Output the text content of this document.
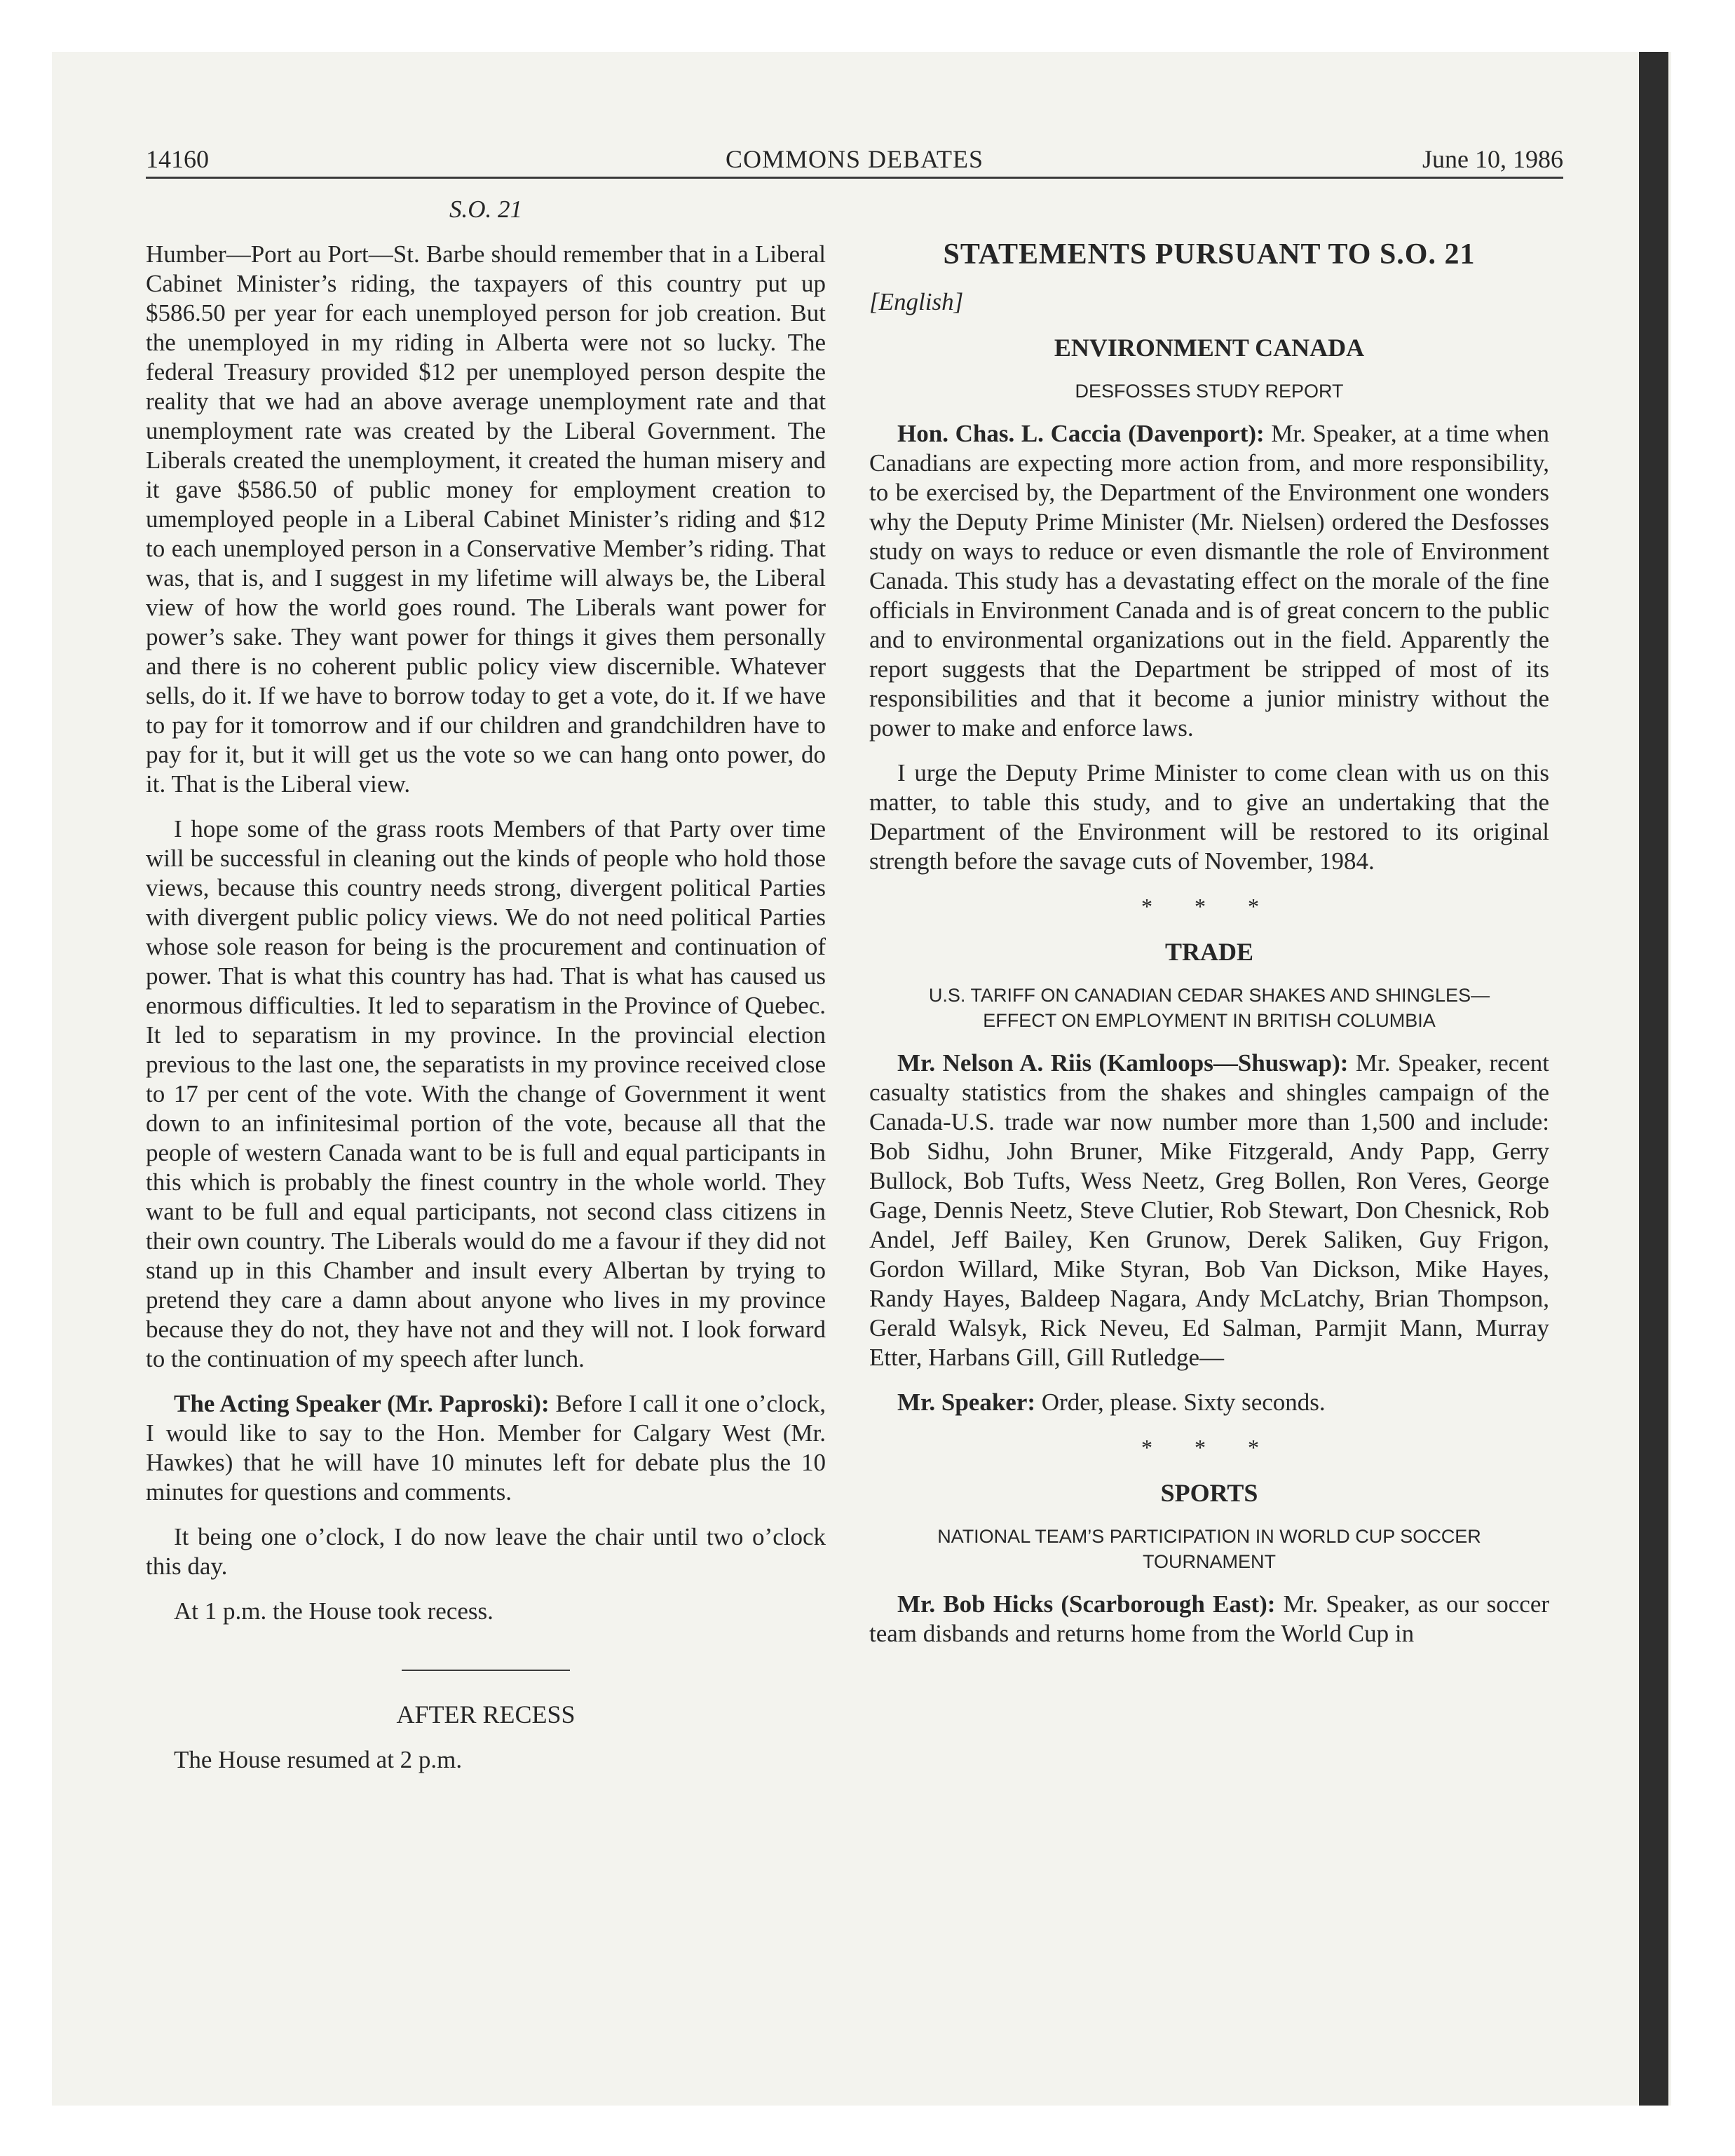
14160	COMMONS DEBATES	June 10, 1986

S.O. 21

Humber—Port au Port—St. Barbe should remember that in a Liberal Cabinet Minister’s riding, the taxpayers of this country put up $586.50 per year for each unemployed person for job creation. But the unemployed in my riding in Alberta were not so lucky. The federal Treasury provided $12 per unemployed person despite the reality that we had an above average unemployment rate and that unemployment rate was created by the Liberal Government. The Liberals created the unemployment, it created the human misery and it gave $586.50 of public money for employment creation to umemployed people in a Liberal Cabinet Minister’s riding and $12 to each unemployed person in a Conservative Member’s riding. That was, that is, and I suggest in my lifetime will always be, the Liberal view of how the world goes round. The Liberals want power for power’s sake. They want power for things it gives them personally and there is no coherent public policy view discernible. Whatever sells, do it. If we have to borrow today to get a vote, do it. If we have to pay for it tomorrow and if our children and grandchildren have to pay for it, but it will get us the vote so we can hang onto power, do it. That is the Liberal view.

I hope some of the grass roots Members of that Party over time will be successful in cleaning out the kinds of people who hold those views, because this country needs strong, divergent political Parties with divergent public policy views. We do not need political Parties whose sole reason for being is the procurement and continuation of power. That is what this country has had. That is what has caused us enormous difficulties. It led to separatism in the Province of Quebec. It led to separatism in my province. In the provincial election previous to the last one, the separatists in my province received close to 17 per cent of the vote. With the change of Government it went down to an infinitesimal portion of the vote, because all that the people of western Canada want to be is full and equal participants in this which is probably the finest country in the whole world. They want to be full and equal participants, not second class citizens in their own country. The Liberals would do me a favour if they did not stand up in this Chamber and insult every Albertan by trying to pretend they care a damn about anyone who lives in my province because they do not, they have not and they will not. I look forward to the continuation of my speech after lunch.

The Acting Speaker (Mr. Paproski): Before I call it one o’clock, I would like to say to the Hon. Member for Calgary West (Mr. Hawkes) that he will have 10 minutes left for debate plus the 10 minutes for questions and comments.

It being one o’clock, I do now leave the chair until two o’clock this day.

At 1 p.m. the House took recess.

AFTER RECESS

The House resumed at 2 p.m.

STATEMENTS PURSUANT TO S.O. 21

[English]

ENVIRONMENT CANADA

DESFOSSES STUDY REPORT

Hon. Chas. L. Caccia (Davenport): Mr. Speaker, at a time when Canadians are expecting more action from, and more responsibility, to be exercised by, the Department of the Environment one wonders why the Deputy Prime Minister (Mr. Nielsen) ordered the Desfosses study on ways to reduce or even dismantle the role of Environment Canada. This study has a devastating effect on the morale of the fine officials in Environment Canada and is of great concern to the public and to environmental organizations out in the field. Apparently the report suggests that the Department be stripped of most of its responsibilities and that it become a junior ministry without the power to make and enforce laws.

I urge the Deputy Prime Minister to come clean with us on this matter, to table this study, and to give an undertaking that the Department of the Environment will be restored to its original strength before the savage cuts of November, 1984.

* * *

TRADE

U.S. TARIFF ON CANADIAN CEDAR SHAKES AND SHINGLES—
EFFECT ON EMPLOYMENT IN BRITISH COLUMBIA

Mr. Nelson A. Riis (Kamloops—Shuswap): Mr. Speaker, recent casualty statistics from the shakes and shingles campaign of the Canada-U.S. trade war now number more than 1,500 and include: Bob Sidhu, John Bruner, Mike Fitzgerald, Andy Papp, Gerry Bullock, Bob Tufts, Wess Neetz, Greg Bollen, Ron Veres, George Gage, Dennis Neetz, Steve Clutier, Rob Stewart, Don Chesnick, Rob Andel, Jeff Bailey, Ken Grunow, Derek Saliken, Guy Frigon, Gordon Willard, Mike Styran, Bob Van Dickson, Mike Hayes, Randy Hayes, Baldeep Nagara, Andy McLatchy, Brian Thompson, Gerald Walsyk, Rick Neveu, Ed Salman, Parmjit Mann, Murray Etter, Harbans Gill, Gill Rutledge—

Mr. Speaker: Order, please. Sixty seconds.

* * *

SPORTS

NATIONAL TEAM’S PARTICIPATION IN WORLD CUP SOCCER
TOURNAMENT

Mr. Bob Hicks (Scarborough East): Mr. Speaker, as our soccer team disbands and returns home from the World Cup in
